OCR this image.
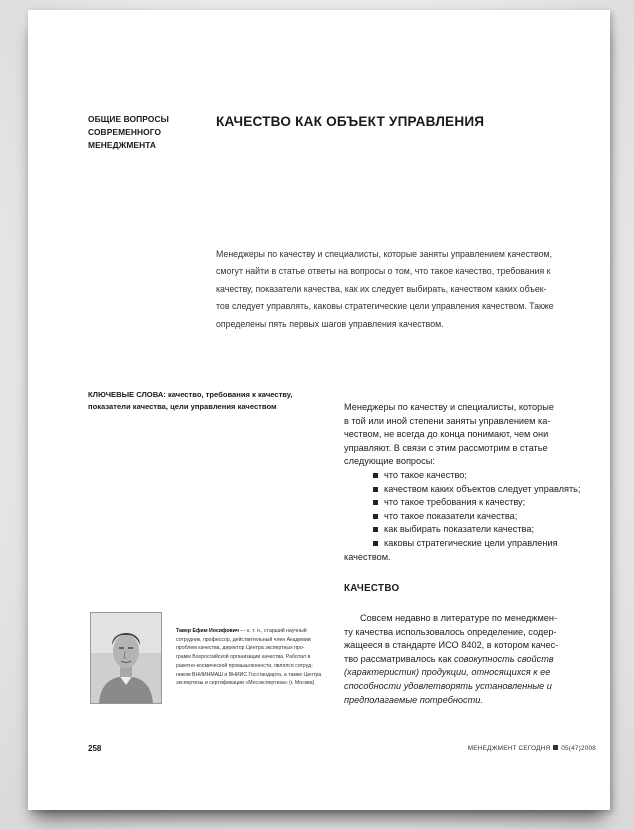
ОБЩИЕ ВОПРОСЫ
СОВРЕМЕННОГО
МЕНЕДЖМЕНТА
КАЧЕСТВО КАК ОБЪЕКТ УПРАВЛЕНИЯ
Менеджеры по качеству и специалисты, которые заняты управлением качеством,
смогут найти в статье ответы на вопросы о том, что такое качество, требования к
качеству, показатели качества, как их следует выбирать, качеством каких объек-
тов следует управлять, каковы стратегические цели управления качеством. Также
определены пять первых шагов управления качеством.
КЛЮЧЕВЫЕ СЛОВА: качество, требования к качеству,
показатели качества, цели управления качеством	Менеджеры по качеству и специалисты, которые
в той или иной степени заняты управлением ка-
чеством, не всегда до конца понимают, чем они
управляют. В связи с этим рассмотрим в статье
следующие вопросы:
что такое качество;
качеством каких объектов следует управлять;
что такое требования к качеству;
что такое показатели качества;
как выбирать показатели качества;
каковы стратегические цели управления
качеством.
КАЧЕСТВО
Совсем недавно в литературе по менеджмен-
ту качества использовалось определение, содер-
жащееся в стандарте ИСО 8402, в котором качес-
тво рассматривалось как совокупность свойств
(характеристик) продукции, относящихся к ее
способности удовлетворять установленные и
предполагаемые потребности.
Тавер Ефим Иосифович — к. т. н., старший научный
сотрудник, профессор, действительный член Академии
проблем качества, директор Центра экспертных про-
грамм Всероссийской организации качества. Работал в
ракетно-космической промышленности, являлся сотруд-
ником ВНИИНМАШ и ВНИИС Госстандарта, а также Центра
экспертизы и сертификации «Мосэкспертиза» (г. Москва)
258	МЕНЕДЖМЕНТ СЕГОДНЯ 05(47)2008
